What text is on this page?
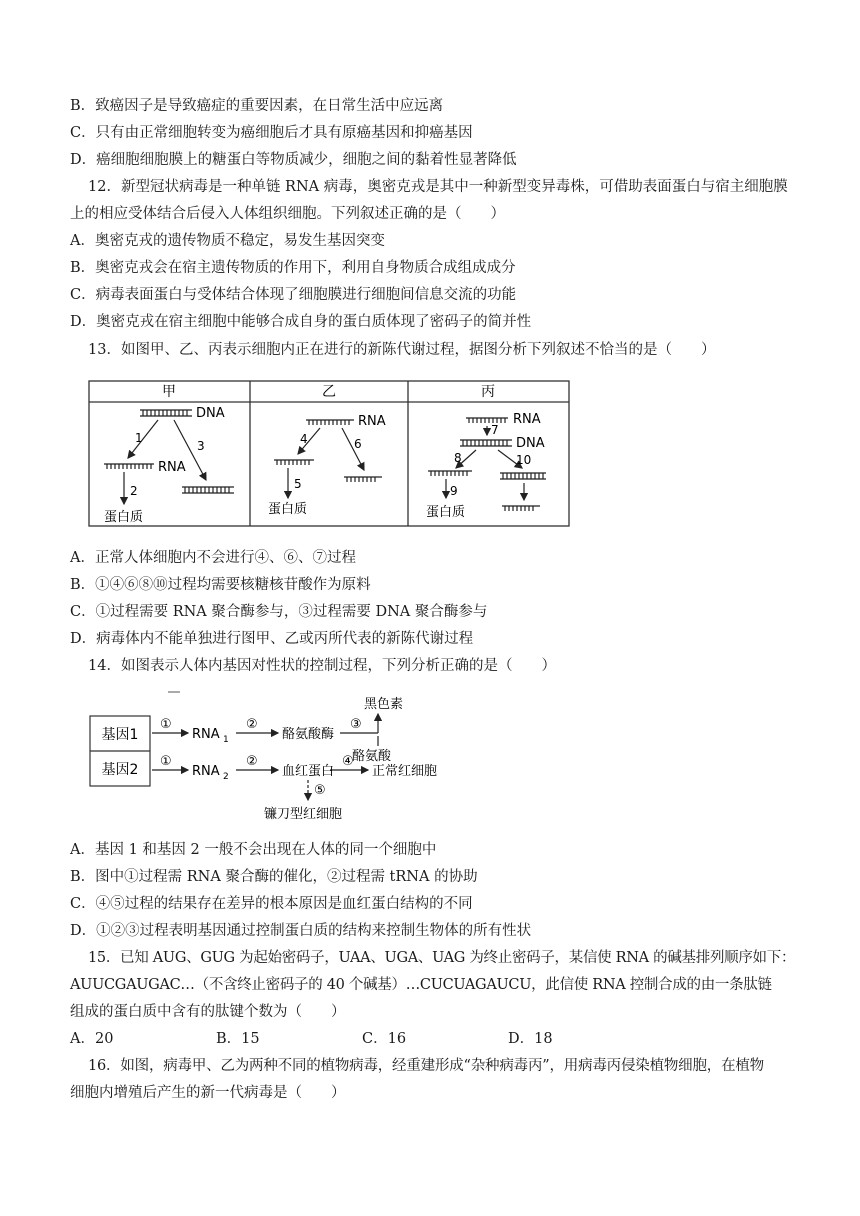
B．致癌因子是导致癌症的重要因素，在日常生活中应远离
C．只有由正常细胞转变为癌细胞后才具有原癌基因和抑癌基因
D．癌细胞细胞膜上的糖蛋白等物质减少，细胞之间的黏着性显著降低
12．新型冠状病毒是一种单链 RNA 病毒，奥密克戎是其中一种新型变异毒株，可借助表面蛋白与宿主细胞膜
上的相应受体结合后侵入人体组织细胞。下列叙述正确的是（　　）
A．奥密克戎的遗传物质不稳定，易发生基因突变
B．奥密克戎会在宿主遗传物质的作用下，利用自身物质合成组成成分
C．病毒表面蛋白与受体结合体现了细胞膜进行细胞间信息交流的功能
D．奥密克戎在宿主细胞中能够合成自身的蛋白质体现了密码子的简并性
13．如图甲、乙、丙表示细胞内正在进行的新陈代谢过程，据图分析下列叙述不恰当的是（　　）
甲	乙	丙
DNA
1
3
RNA
2
蛋白质
RNA
4	6
5
蛋白质
RNA
7
DNA
8	10
9
蛋白质
A．正常人体细胞内不会进行④、⑥、⑦过程
B．①④⑥⑧⑩过程均需要核糖核苷酸作为原料
C．①过程需要 RNA 聚合酶参与，③过程需要 DNA 聚合酶参与
D．病毒体内不能单独进行图甲、乙或丙所代表的新陈代谢过程
14．如图表示人体内基因对性状的控制过程，下列分析正确的是（　　）
基因1
基因2
①
RNA 1
②
酪氨酸酶
③
黑色素
酪氨酸
①
RNA 2
②
血红蛋白
④
正常红细胞
⑤
镰刀型红细胞
A．基因 1 和基因 2 一般不会出现在人体的同一个细胞中
B．图中①过程需 RNA 聚合酶的催化，②过程需 tRNA 的协助
C．④⑤过程的结果存在差异的根本原因是血红蛋白结构的不同
D．①②③过程表明基因通过控制蛋白质的结构来控制生物体的所有性状
15．已知 AUG、GUG 为起始密码子，UAA、UGA、UAG 为终止密码子，某信使 RNA 的碱基排列顺序如下：
AUUCGAUGAC…（不含终止密码子的 40 个碱基）…CUCUAGAUCU，此信使 RNA 控制合成的由一条肽链
组成的蛋白质中含有的肽键个数为（　　）
A．20	B．15	C．16	D．18
16．如图，病毒甲、乙为两种不同的植物病毒，经重建形成“杂种病毒丙”，用病毒丙侵染植物细胞，在植物
细胞内增殖后产生的新一代病毒是（　　）
